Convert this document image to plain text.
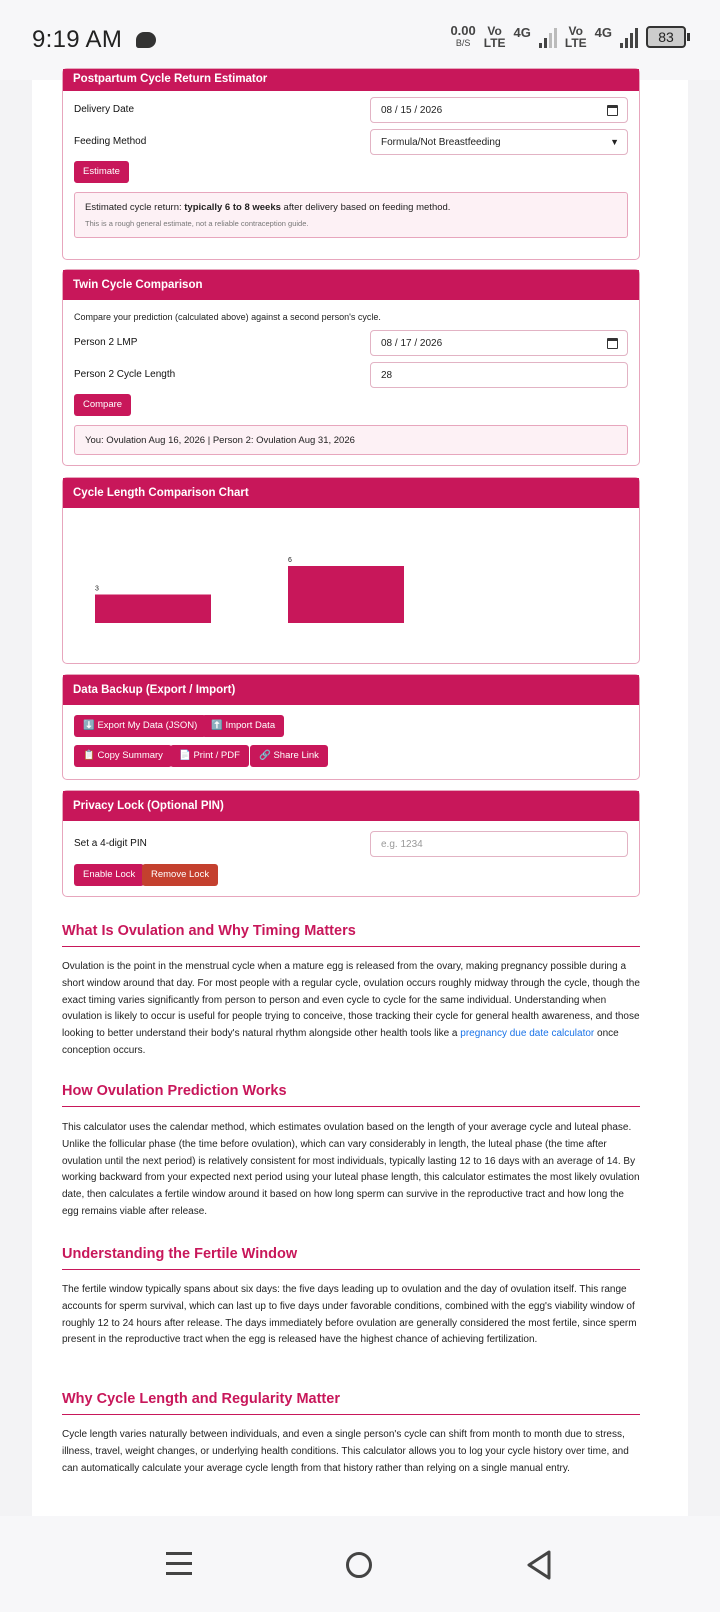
9:19 AM	0.00
B/S
Vo
LTE
4G	Vo
LTE
4G	83
Postpartum Cycle Return Estimator
Delivery Date	08 / 15 / 2026
Feeding Method	Formula/Not Breastfeeding	▼
Estimate
Estimated cycle return: typically 6 to 8 weeks after delivery based on feeding method.
This is a rough general estimate, not a reliable contraception guide.
Twin Cycle Comparison
Compare your prediction (calculated above) against a second person's cycle.
Person 2 LMP	08 / 17 / 2026
Person 2 Cycle Length	28
Compare
You: Ovulation Aug 16, 2026 | Person 2: Ovulation Aug 31, 2026
Cycle Length Comparison Chart
3
6
Data Backup (Export / Import)
⬇️ Export My Data (JSON)	⬆️ Import Data
📋 Copy Summary	📄 Print / PDF	🔗 Share Link
Privacy Lock (Optional PIN)
Set a 4-digit PIN	e.g. 1234
Enable Lock	Remove Lock
What Is Ovulation and Why Timing Matters

Ovulation is the point in the menstrual cycle when a mature egg is released from the ovary, making pregnancy possible during a short window around that day. For most people with a regular cycle, ovulation occurs roughly midway through the cycle, though the exact timing varies significantly from person to person and even cycle to cycle for the same individual. Understanding when ovulation is likely to occur is useful for people trying to conceive, those tracking their cycle for general health awareness, and those looking to better understand their body's natural rhythm alongside other health tools like a pregnancy due date calculator once conception occurs.

How Ovulation Prediction Works

This calculator uses the calendar method, which estimates ovulation based on the length of your average cycle and luteal phase. Unlike the follicular phase (the time before ovulation), which can vary considerably in length, the luteal phase (the time after ovulation until the next period) is relatively consistent for most individuals, typically lasting 12 to 16 days with an average of 14. By working backward from your expected next period using your luteal phase length, this calculator estimates the most likely ovulation date, then calculates a fertile window around it based on how long sperm can survive in the reproductive tract and how long the egg remains viable after release.

Understanding the Fertile Window

The fertile window typically spans about six days: the five days leading up to ovulation and the day of ovulation itself. This range accounts for sperm survival, which can last up to five days under favorable conditions, combined with the egg's viability window of roughly 12 to 24 hours after release. The days immediately before ovulation are generally considered the most fertile, since sperm present in the reproductive tract when the egg is released have the highest chance of achieving fertilization.

Why Cycle Length and Regularity Matter

Cycle length varies naturally between individuals, and even a single person's cycle can shift from month to month due to stress, illness, travel, weight changes, or underlying health conditions. This calculator allows you to log your cycle history over time, and can automatically calculate your average cycle length from that history rather than relying on a single manual entry.
